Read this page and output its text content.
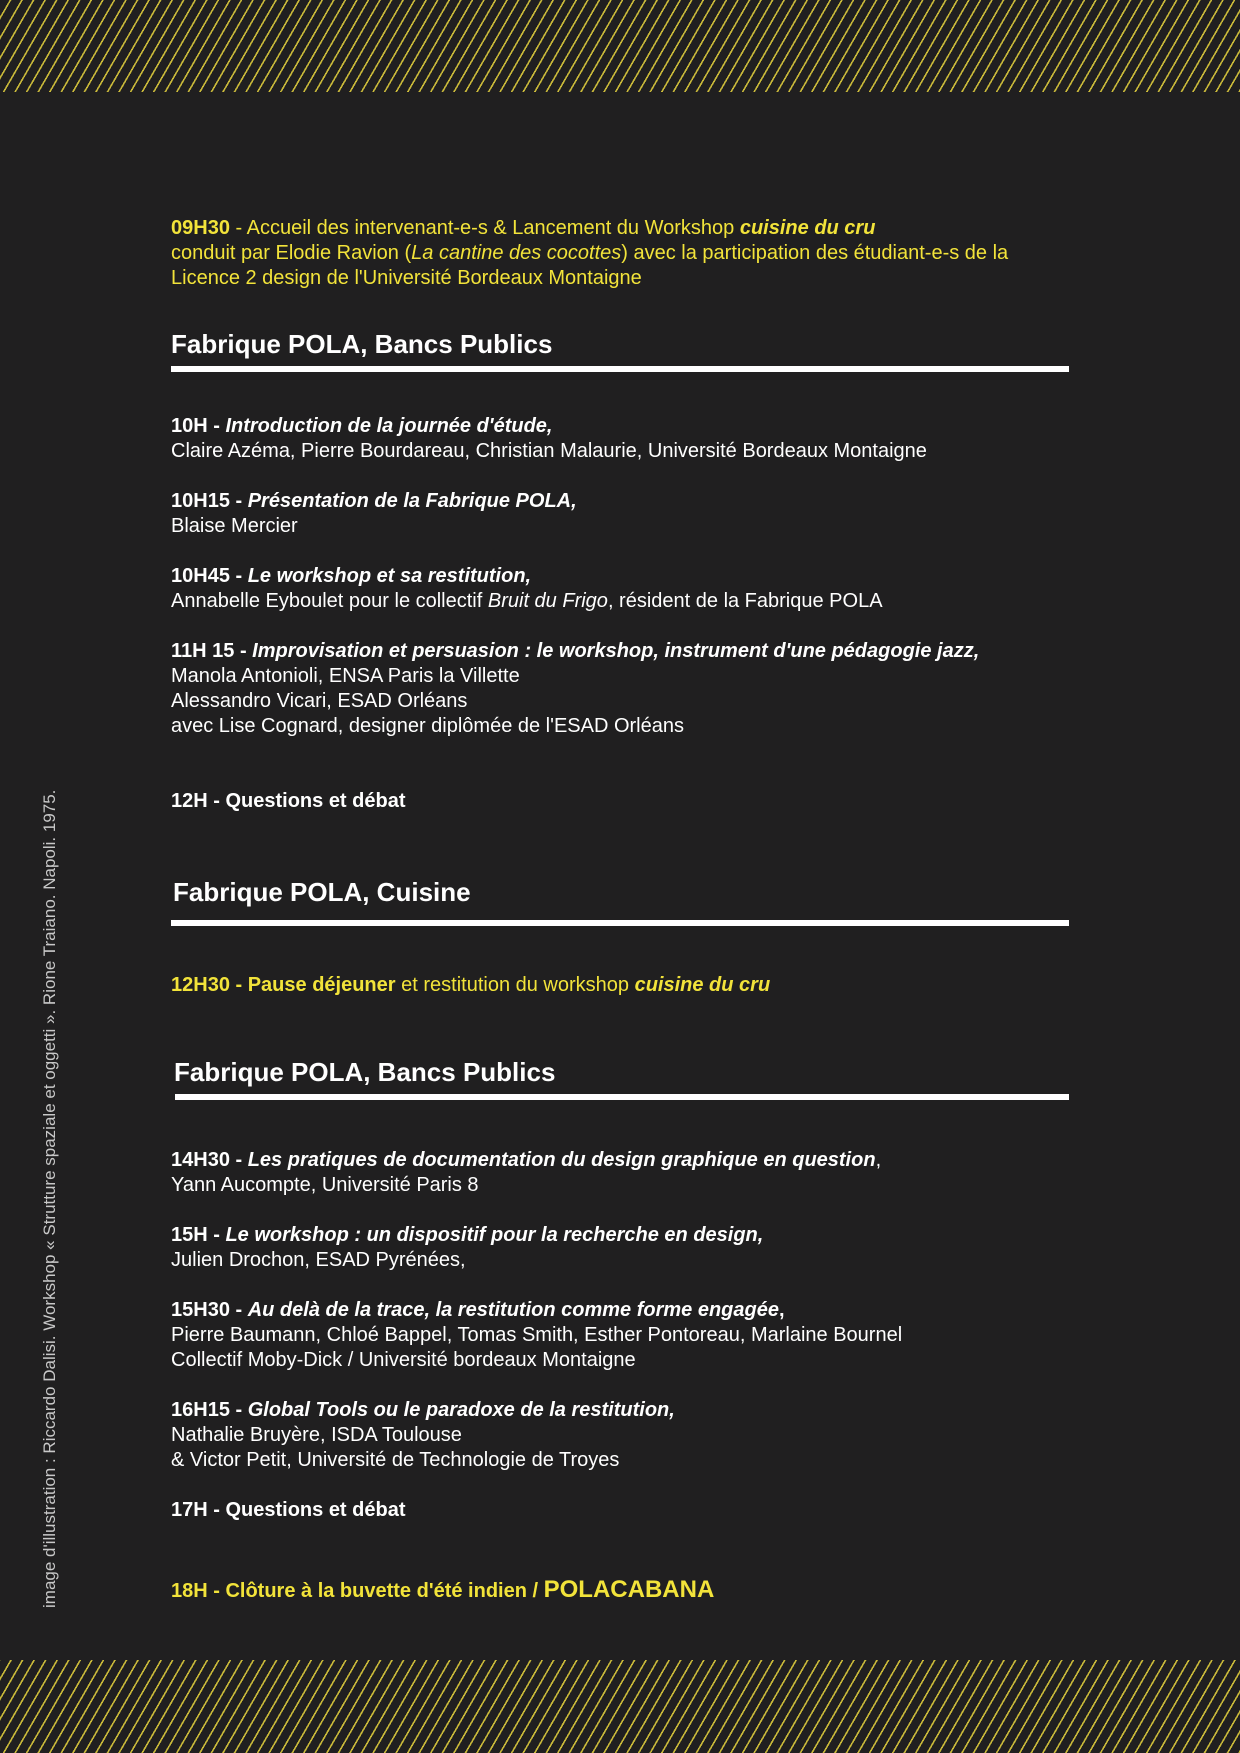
image d'illustration : Riccardo Dalisi. Workshop « Strutture spaziale et oggetti ». Rione Traiano. Napoli. 1975.
09H30 - Accueil des intervenant-e-s & Lancement du Workshop cuisine du cru
conduit par Elodie Ravion (La cantine des cocottes) avec la participation des étudiant-e-s de la
Licence 2 design de l'Université Bordeaux Montaigne
Fabrique POLA, Bancs Publics
10H - Introduction de la journée d'étude,
Claire Azéma, Pierre Bourdareau, Christian Malaurie, Université Bordeaux Montaigne
10H15 - Présentation de la Fabrique POLA,
Blaise Mercier
10H45 - Le workshop et sa restitution,
Annabelle Eyboulet pour le collectif Bruit du Frigo, résident de la Fabrique POLA
11H 15 - Improvisation et persuasion : le workshop, instrument d'une pédagogie jazz,
Manola Antonioli, ENSA Paris la Villette
Alessandro Vicari, ESAD Orléans
avec Lise Cognard, designer diplômée de l'ESAD Orléans
12H - Questions et débat
Fabrique POLA, Cuisine
12H30 - Pause déjeuner et restitution du workshop cuisine du cru
Fabrique POLA, Bancs Publics
14H30 - Les pratiques de documentation du design graphique en question,
Yann Aucompte, Université Paris 8
15H - Le workshop : un dispositif pour la recherche en design,
Julien Drochon, ESAD Pyrénées,
15H30 - Au delà de la trace, la restitution comme forme engagée,
Pierre Baumann, Chloé Bappel, Tomas Smith, Esther Pontoreau, Marlaine Bournel
Collectif Moby-Dick / Université bordeaux Montaigne
16H15 - Global Tools ou le paradoxe de la restitution,
Nathalie Bruyère, ISDA Toulouse
& Victor Petit, Université de Technologie de Troyes
17H - Questions et débat
18H - Clôture à la buvette d'été indien / POLACABANA
